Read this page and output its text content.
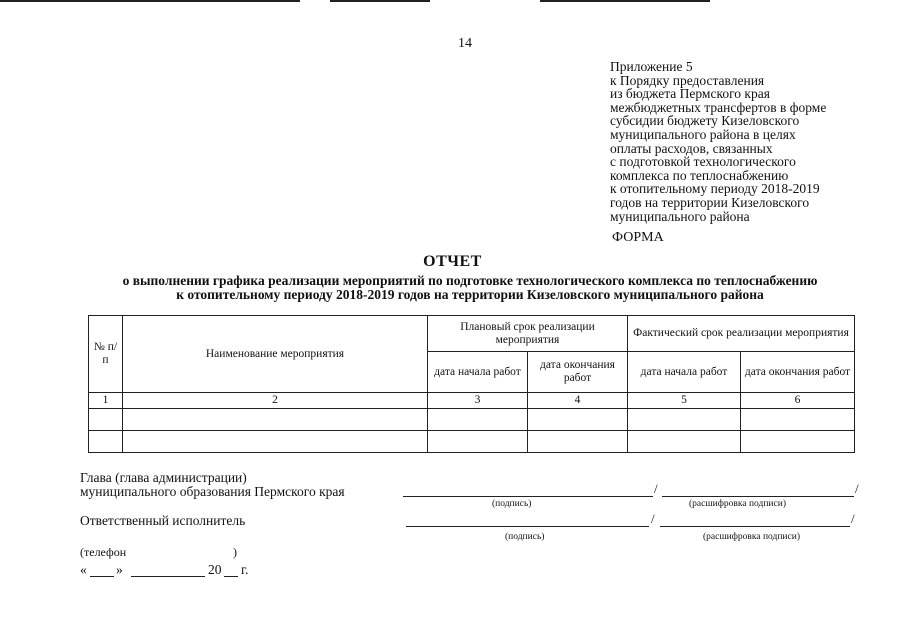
14
Приложение 5
к Порядку предоставления
из бюджета Пермского края
межбюджетных трансфертов в форме
субсидии бюджету Кизеловского
муниципального района в целях
оплаты расходов, связанных
с подготовкой технологического
комплекса по теплоснабжению
к отопительному периоду 2018-2019
годов на территории Кизеловского
муниципального района
ФОРМА
ОТЧЕТ
о выполнении графика реализации мероприятий по подготовке технологического комплекса по теплоснабжению
к отопительному периоду 2018-2019 годов на территории Кизеловского муниципального района
№ п/п	Наименование мероприятия	Плановый срок реализации мероприятия		Фактический срок реализации мероприятия	
		дата начала работ	дата окончания работ	дата начала работ	дата окончания работ
1	2	3	4	5	6

Глава (глава администрации)
муниципального образования Пермского края	/	/
(подпись)	(расшифровка подписи)
Ответственный исполнитель	/	/
(подпись)	(расшифровка подписи)
(телефон	)
« »	20 г.
